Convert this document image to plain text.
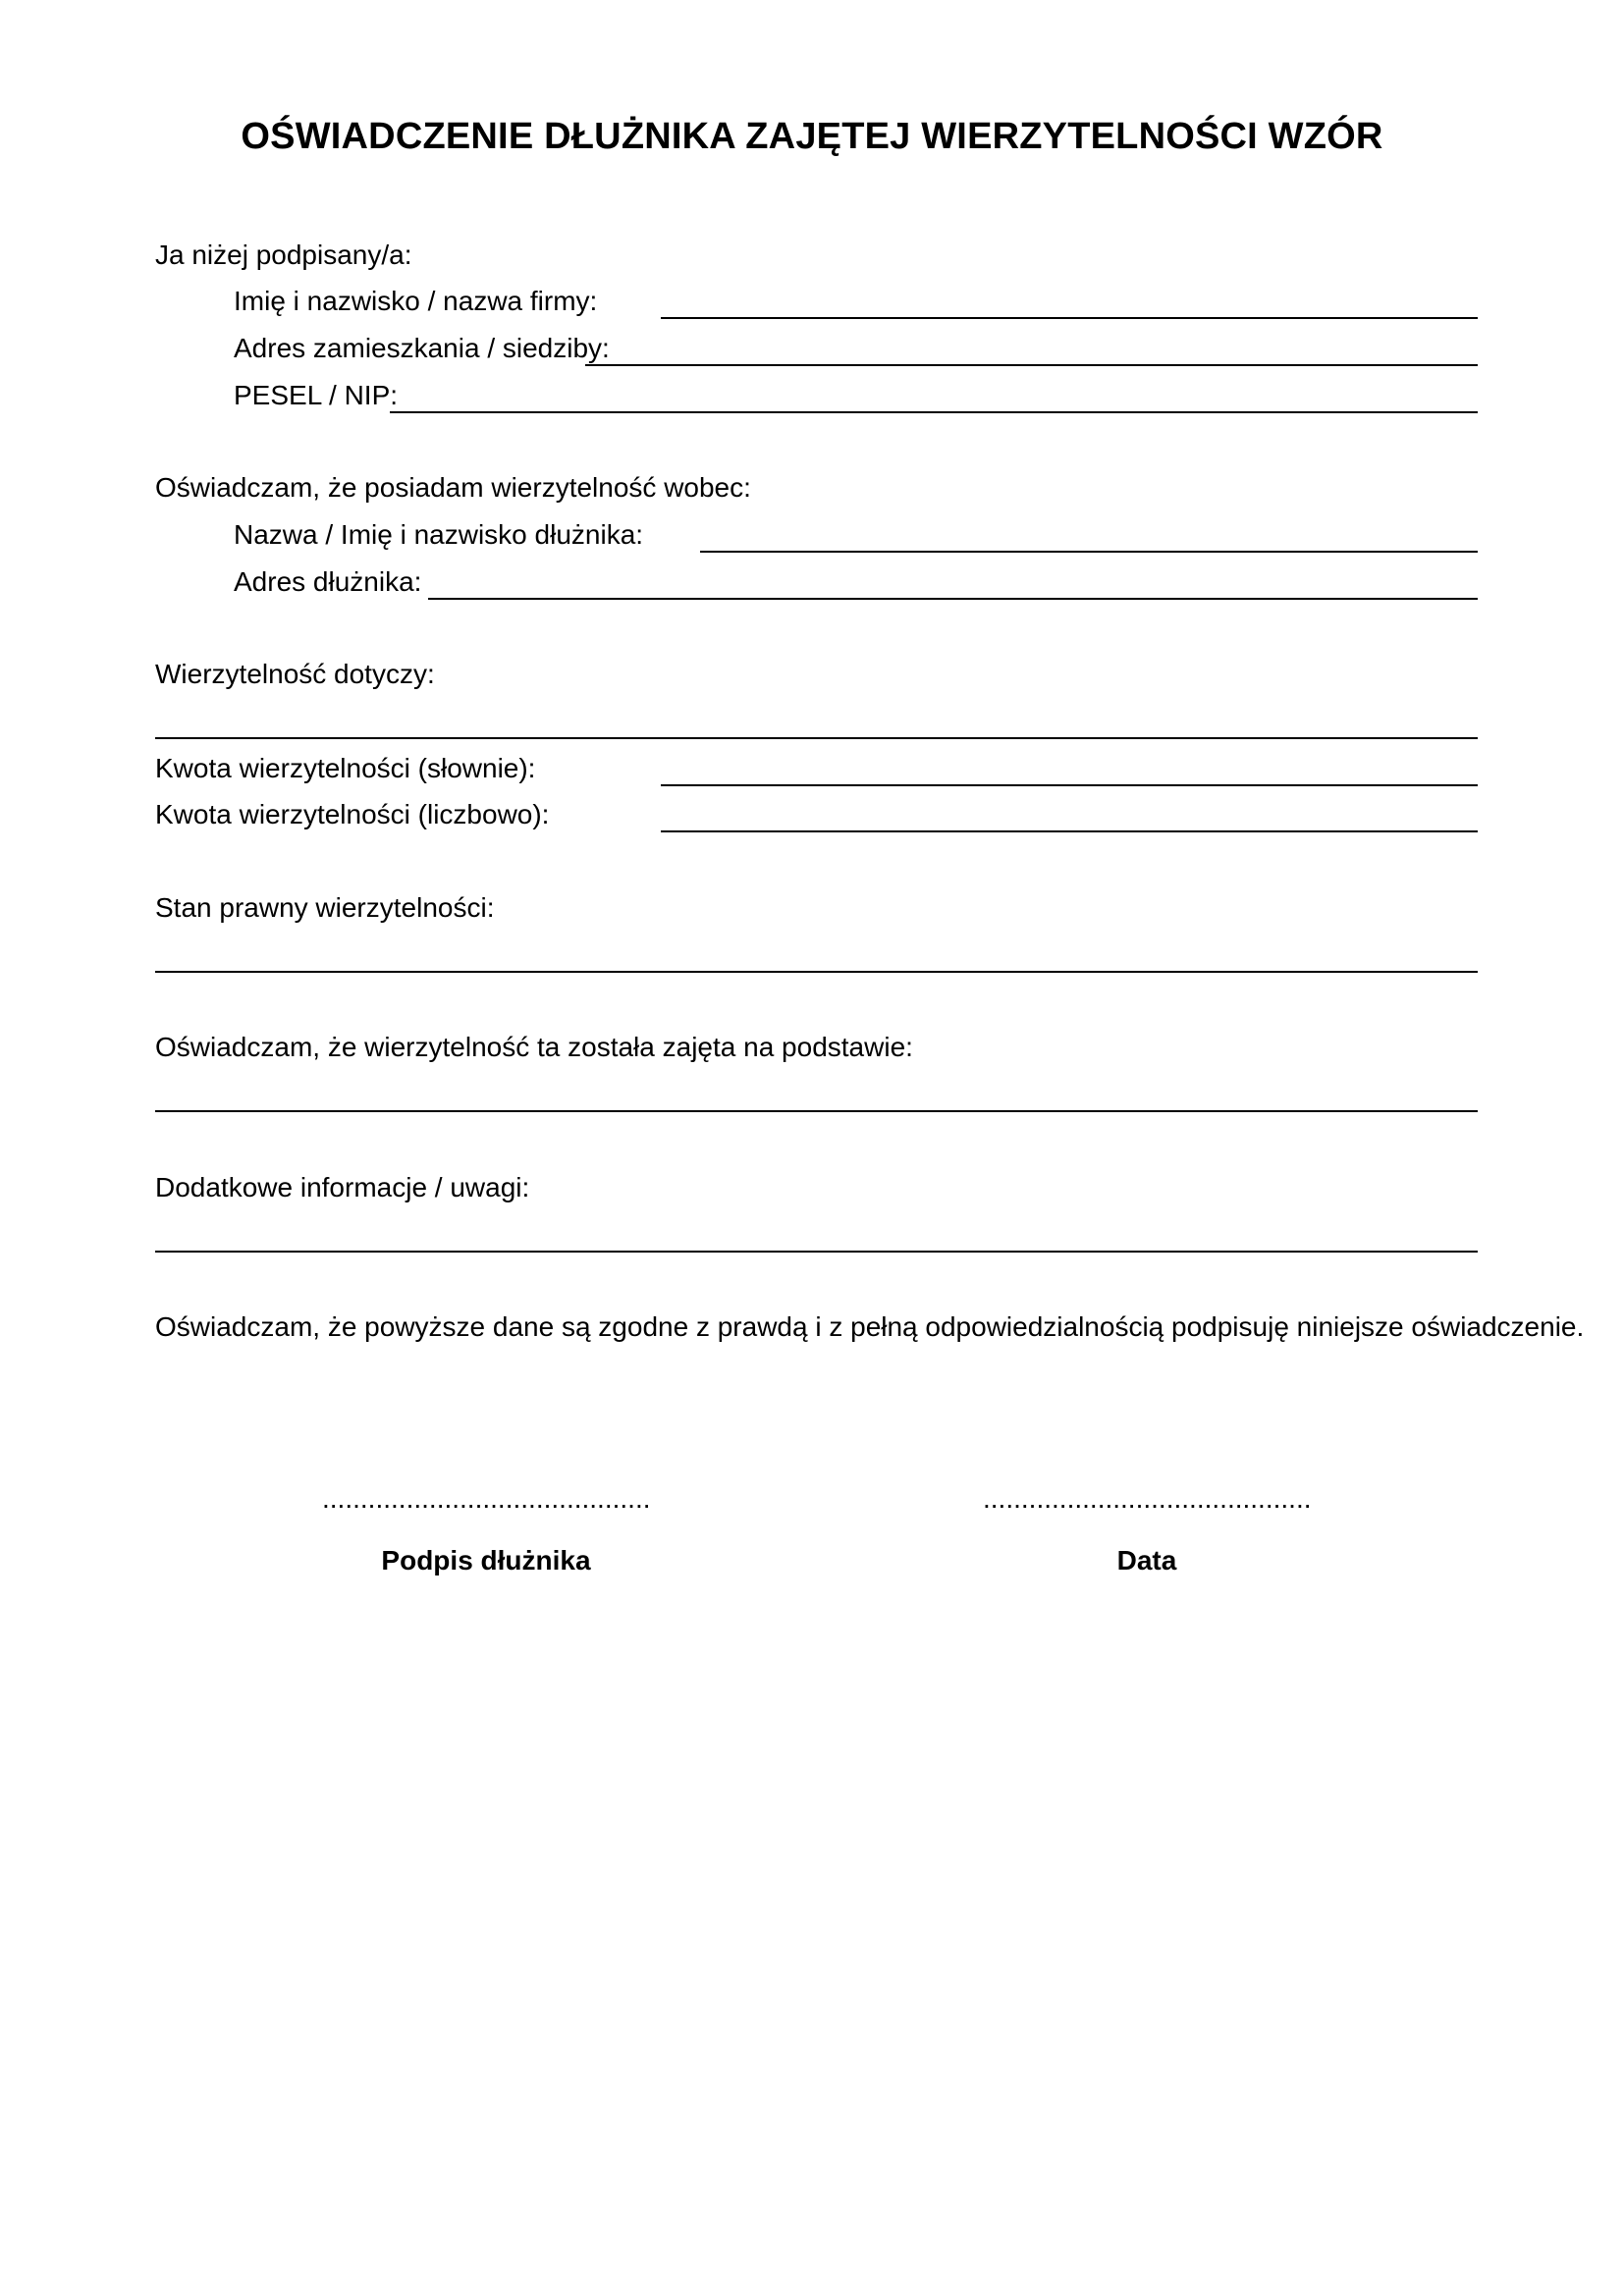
OŚWIADCZENIE DŁUŻNIKA ZAJĘTEJ WIERZYTELNOŚCI WZÓR
Ja niżej podpisany/a:
Imię i nazwisko / nazwa firmy:
Adres zamieszkania / siedziby:
PESEL / NIP:
Oświadczam, że posiadam wierzytelność wobec:
Nazwa / Imię i nazwisko dłużnika:
Adres dłużnika:
Wierzytelność dotyczy:
Kwota wierzytelności (słownie):
Kwota wierzytelności (liczbowo):
Stan prawny wierzytelności:
Oświadczam, że wierzytelność ta została zajęta na podstawie:
Dodatkowe informacje / uwagi:
Oświadczam, że powyższe dane są zgodne z prawdą i z pełną odpowiedzialnością podpisuję niniejsze oświadczenie.
...........................................	...........................................
Podpis dłużnika	Data
